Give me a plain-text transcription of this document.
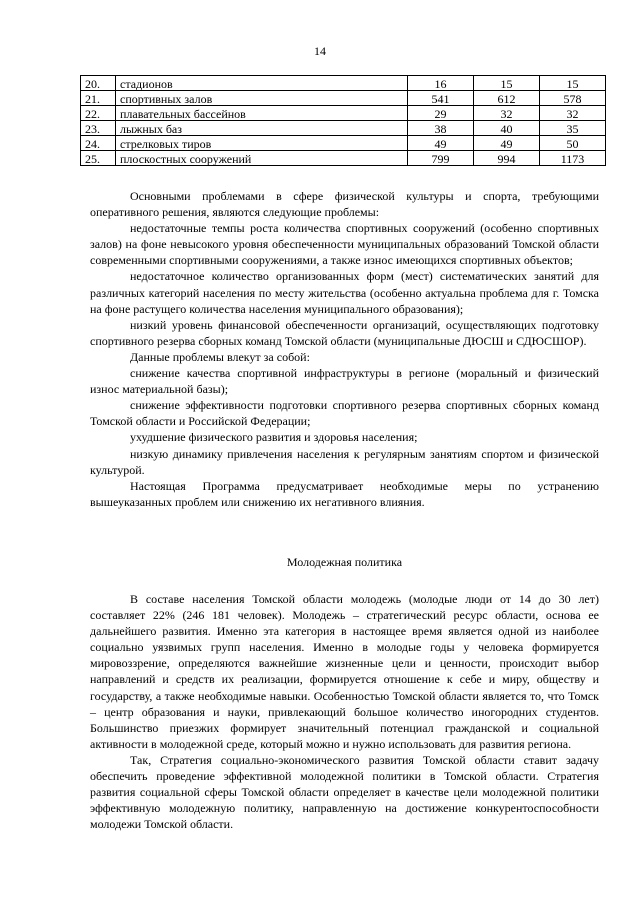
14
20.	стадионов	16	15	15
21.	спортивных залов	541	612	578
22.	плавательных бассейнов	29	32	32
23.	лыжных баз	38	40	35
24.	стрелковых тиров	49	49	50
25.	плоскостных сооружений	799	994	1173

Основными проблемами в сфере физической культуры и спорта, требующими оперативного решения, являются следующие проблемы:

недостаточные темпы роста количества спортивных сооружений (особенно спортивных залов) на фоне невысокого уровня обеспеченности муниципальных образований Томской области современными спортивными сооружениями, а также износ имеющихся спортивных объектов;

недостаточное количество организованных форм (мест) систематических занятий для различных категорий населения по месту жительства (особенно актуальна проблема для г. Томска на фоне растущего количества населения муниципального образования);

низкий уровень финансовой обеспеченности организаций, осуществляющих подготовку спортивного резерва сборных команд Томской области (муниципальные ДЮСШ и СДЮСШОР).

Данные проблемы влекут за собой:

снижение качества спортивной инфраструктуры в регионе (моральный и физический износ материальной базы);

снижение эффективности подготовки спортивного резерва спортивных сборных команд Томской области и Российской Федерации;

ухудшение физического развития и здоровья населения;

низкую динамику привлечения населения к регулярным занятиям спортом и физической культурой.

Настоящая Программа предусматривает необходимые меры по устранению вышеуказанных проблем или снижению их негативного влияния.

Молодежная политика

В составе населения Томской области молодежь (молодые люди от 14 до 30 лет) составляет 22% (246 181 человек). Молодежь – стратегический ресурс области, основа ее дальнейшего развития. Именно эта категория в настоящее время является одной из наиболее социально уязвимых групп населения. Именно в молодые годы у человека формируется мировоззрение, определяются важнейшие жизненные цели и ценности, происходит выбор направлений и средств их реализации, формируется отношение к себе и миру, обществу и государству, а также необходимые навыки. Особенностью Томской области является то, что Томск – центр образования и науки, привлекающий большое количество иногородних студентов. Большинство приезжих формирует значительный потенциал гражданской и социальной активности в молодежной среде, который можно и нужно использовать для развития региона.

Так, Стратегия социально-экономического развития Томской области ставит задачу обеспечить проведение эффективной молодежной политики в Томской области. Стратегия развития социальной сферы Томской области определяет в качестве цели молодежной политики эффективную молодежную политику, направленную на достижение конкурентоспособности молодежи Томской области.
